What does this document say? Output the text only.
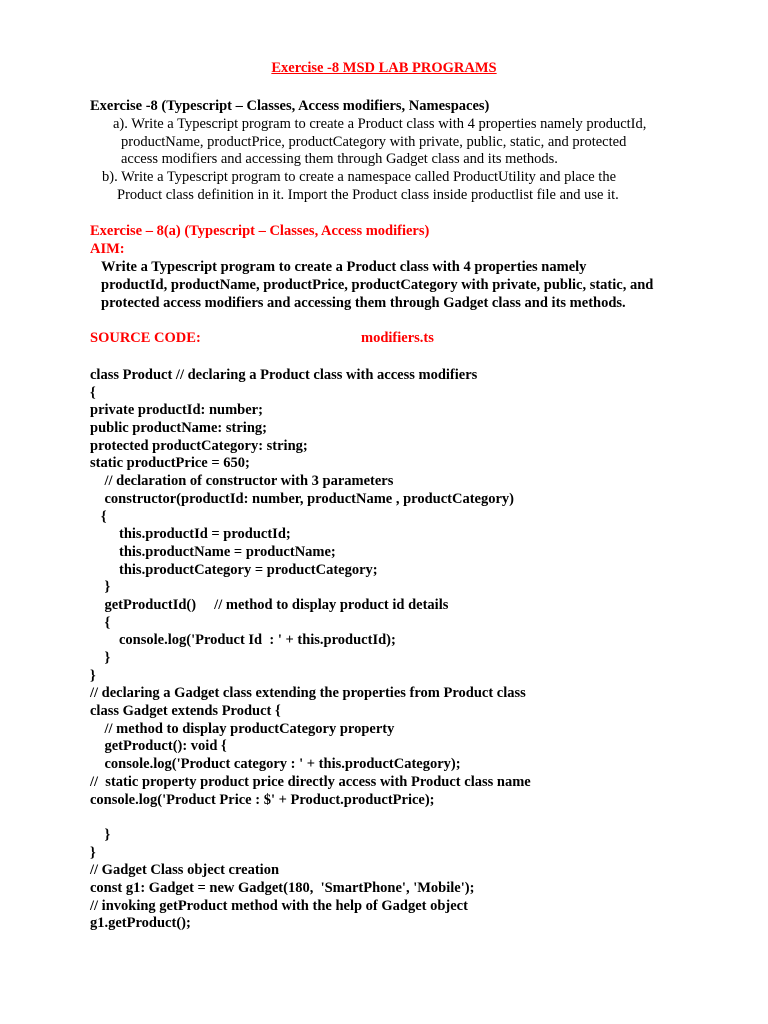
Exercise -8 MSD LAB PROGRAMS
Exercise -8 (Typescript – Classes, Access modifiers, Namespaces)
a). Write a Typescript program to create a Product class with 4 properties namely productId,
productName, productPrice, productCategory with private, public, static, and protected
access modifiers and accessing them through Gadget class and its methods.
b). Write a Typescript program to create a namespace called ProductUtility and place the
Product class definition in it. Import the Product class inside productlist file and use it.
Exercise – 8(a) (Typescript – Classes, Access modifiers)
AIM:
Write a Typescript program to create a Product class with 4 properties namely
productId, productName, productPrice, productCategory with private, public, static, and
protected access modifiers and accessing them through Gadget class and its methods.
SOURCE CODE:	modifiers.ts
class Product // declaring a Product class with access modifiers
{
private productId: number;
public productName: string;
protected productCategory: string;
static productPrice = 650;
// declaration of constructor with 3 parameters
constructor(productId: number, productName , productCategory)
{
this.productId = productId;
this.productName = productName;
this.productCategory = productCategory;
}
getProductId()     // method to display product id details
{
console.log('Product Id  : ' + this.productId);
}
}
// declaring a Gadget class extending the properties from Product class
class Gadget extends Product {
// method to display productCategory property
getProduct(): void {
console.log('Product category : ' + this.productCategory);
//  static property product price directly access with Product class name
console.log('Product Price : $' + Product.productPrice);
}
}
// Gadget Class object creation
const g1: Gadget = new Gadget(180,  'SmartPhone', 'Mobile');
// invoking getProduct method with the help of Gadget object
g1.getProduct();
